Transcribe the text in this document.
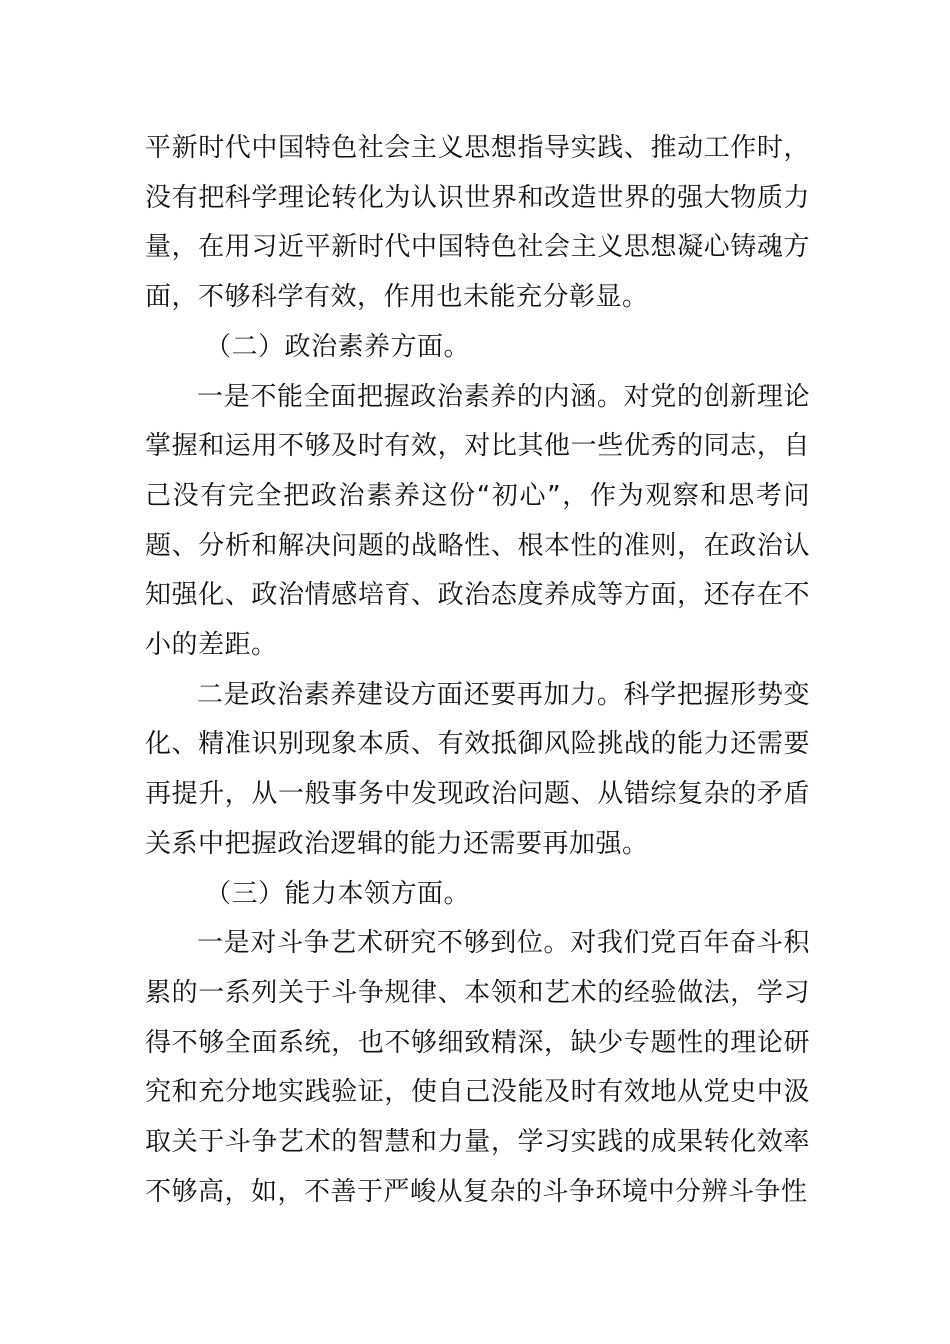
平新时代中国特色社会主义思想指导实践、推动工作时，没有把科学理论转化为认识世界和改造世界的强大物质力量，在用习近平新时代中国特色社会主义思想凝心铸魂方面，不够科学有效，作用也未能充分彰显。

（二）政治素养方面。

一是不能全面把握政治素养的内涵。对党的创新理论掌握和运用不够及时有效，对比其他一些优秀的同志，自己没有完全把政治素养这份“初心”，作为观察和思考问题、分析和解决问题的战略性、根本性的准则，在政治认知强化、政治情感培育、政治态度养成等方面，还存在不小的差距。

二是政治素养建设方面还要再加力。科学把握形势变化、精准识别现象本质、有效抵御风险挑战的能力还需要再提升，从一般事务中发现政治问题、从错综复杂的矛盾关系中把握政治逻辑的能力还需要再加强。

（三）能力本领方面。

一是对斗争艺术研究不够到位。对我们党百年奋斗积累的一系列关于斗争规律、本领和艺术的经验做法，学习得不够全面系统，也不够细致精深，缺少专题性的理论研究和充分地实践验证，使自己没能及时有效地从党史中汲取关于斗争艺术的智慧和力量，学习实践的成果转化效率不够高，如，不善于严峻从复杂的斗争环境中分辨斗争性
